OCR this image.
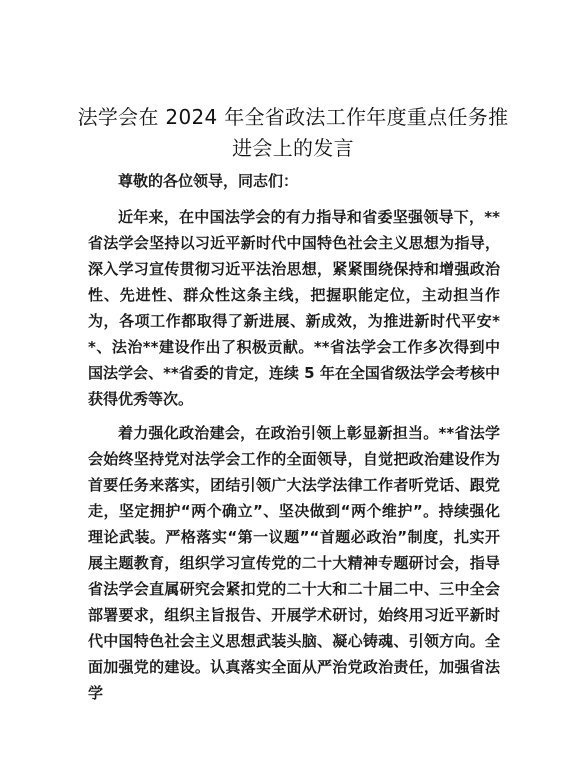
法学会在 2024 年全省政法工作年度重点任务推进会上的发言

尊敬的各位领导，同志们：

近年来，在中国法学会的有力指导和省委坚强领导下，**省法学会坚持以习近平新时代中国特色社会主义思想为指导，深入学习宣传贯彻习近平法治思想，紧紧围绕保持和增强政治性、先进性、群众性这条主线，把握职能定位，主动担当作为，各项工作都取得了新进展、新成效，为推进新时代平安**、法治**建设作出了积极贡献。**省法学会工作多次得到中国法学会、**省委的肯定，连续 5 年在全国省级法学会考核中获得优秀等次。

着力强化政治建会，在政治引领上彰显新担当。**省法学会始终坚持党对法学会工作的全面领导，自觉把政治建设作为首要任务来落实，团结引领广大法学法律工作者听党话、跟党走，坚定拥护“两个确立”、坚决做到“两个维护”。持续强化理论武装。严格落实“第一议题”“首题必政治”制度，扎实开展主题教育，组织学习宣传党的二十大精神专题研讨会，指导省法学会直属研究会紧扣党的二十大和二十届二中、三中全会部署要求，组织主旨报告、开展学术研讨，始终用习近平新时代中国特色社会主义思想武装头脑、凝心铸魂、引领方向。全面加强党的建设。认真落实全面从严治党政治责任，加强省法学
